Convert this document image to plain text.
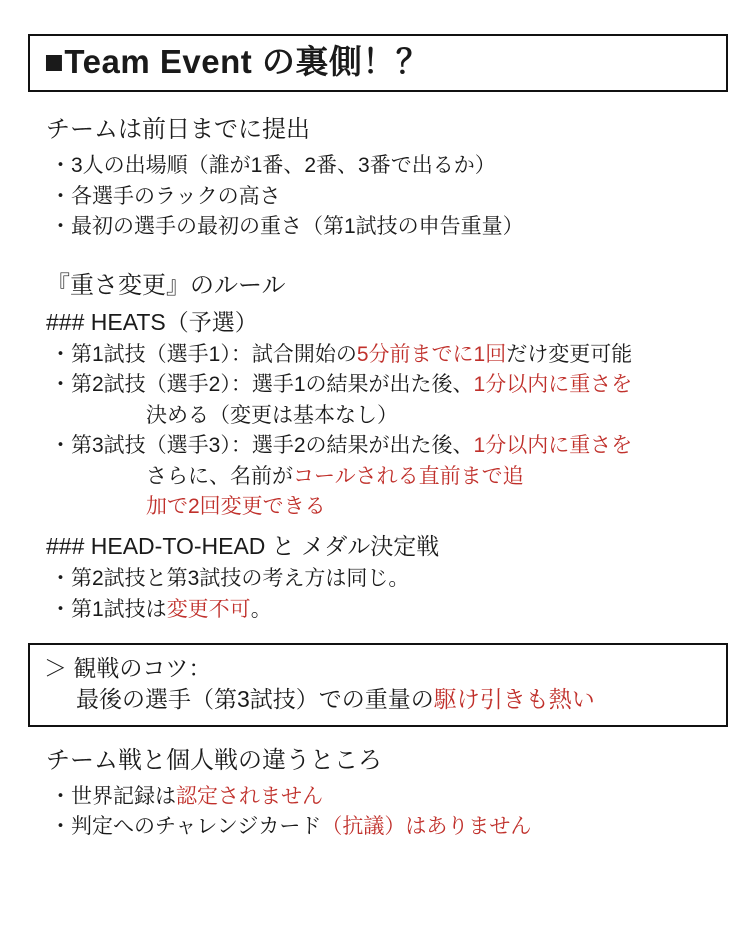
■Team Event の裏側！？
チームは前日までに提出
・3人の出場順（誰が1番、2番、3番で出るか）
・各選手のラックの高さ
・最初の選手の最初の重さ（第1試技の申告重量）
『重さ変更』のルール
### HEATS（予選）
・第1試技（選手1）：試合開始の5分前までに1回だけ変更可能
・第2試技（選手2）：選手1の結果が出た後、1分以内に重さを
決める（変更は基本なし）
・第3試技（選手3）：選手2の結果が出た後、1分以内に重さを
さらに、名前がコールされる直前まで追
加で2回変更できる
### HEAD-TO-HEAD と メダル決定戦
・第2試技と第3試技の考え方は同じ。
・第1試技は変更不可。
＞ 観戦のコツ：
最後の選手（第3試技）での重量の駆け引きも熱い
チーム戦と個人戦の違うところ
・世界記録は認定されません
・判定へのチャレンジカード（抗議）はありません
